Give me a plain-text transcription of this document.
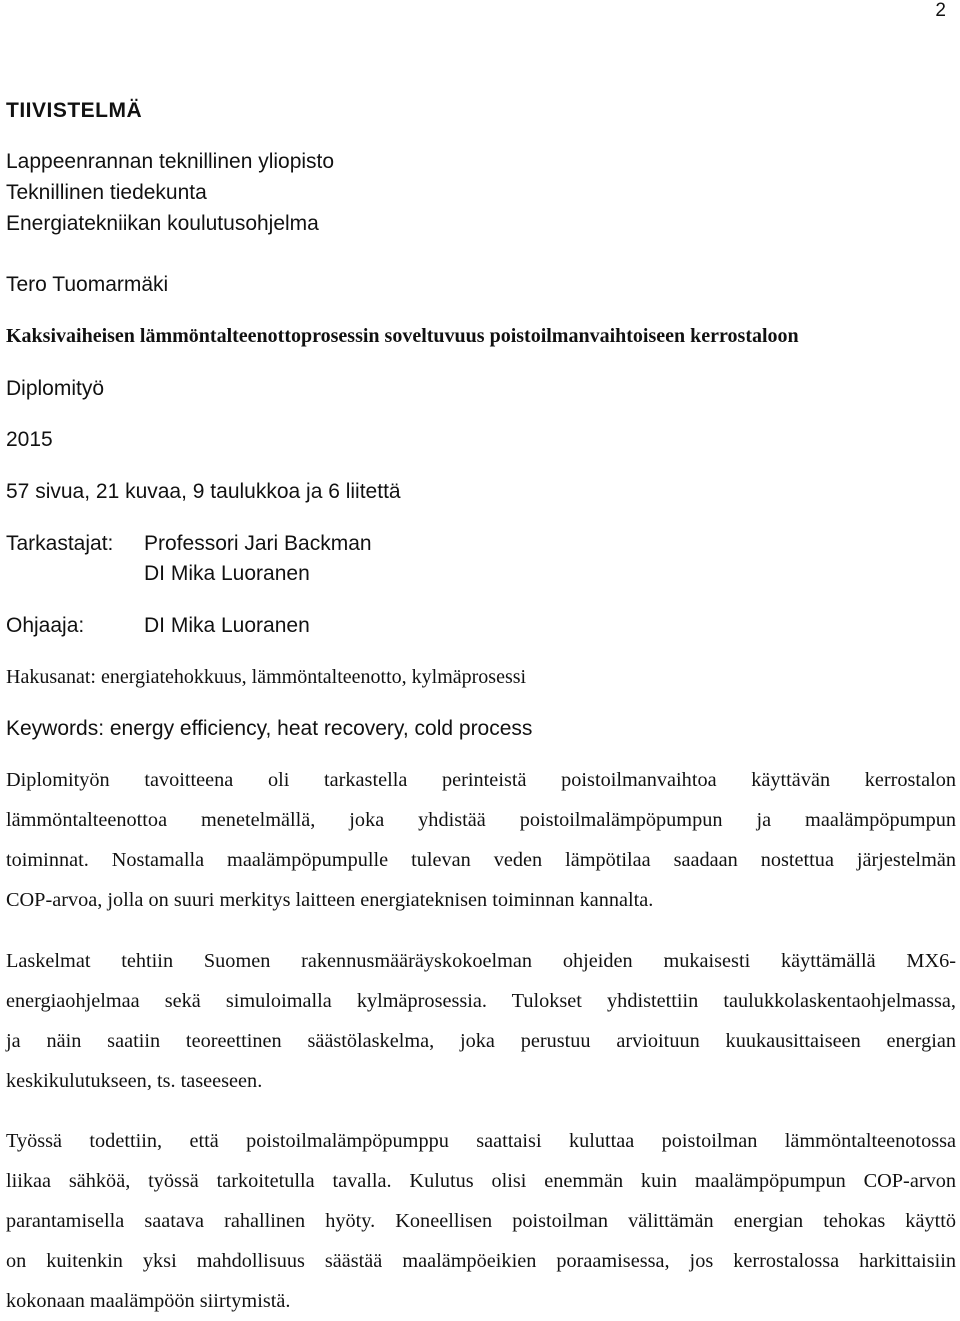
2
TIIVISTELMÄ
Lappeenrannan teknillinen yliopisto
Teknillinen tiedekunta
Energiatekniikan koulutusohjelma
Tero Tuomarmäki
Kaksivaiheisen lämmöntalteenottoprosessin soveltuvuus poistoilmanvaihtoiseen kerrostaloon
Diplomityö
2015
57 sivua, 21 kuvaa, 9 taulukkoa ja 6 liitettä
Tarkastajat: Professori Jari Backman
DI Mika Luoranen
Ohjaaja:	DI Mika Luoranen
Hakusanat: energiatehokkuus, lämmöntalteenotto, kylmäprosessi
Keywords: energy efficiency, heat recovery, cold process
Diplomityön tavoitteena oli tarkastella perinteistä poistoilmanvaihtoa käyttävän kerrostalon
lämmöntalteenottoa menetelmällä, joka yhdistää poistoilmalämpöpumpun ja maalämpöpumpun
toiminnat. Nostamalla maalämpöpumpulle tulevan veden lämpötilaa saadaan nostettua järjestelmän
COP-arvoa, jolla on suuri merkitys laitteen energiateknisen toiminnan kannalta.
Laskelmat tehtiin Suomen rakennusmääräyskokoelman ohjeiden mukaisesti käyttämällä MX6-
energiaohjelmaa sekä simuloimalla kylmäprosessia. Tulokset yhdistettiin taulukkolaskentaohjelmassa,
ja näin saatiin teoreettinen säästölaskelma, joka perustuu arvioituun kuukausittaiseen energian
keskikulutukseen, ts. taseeseen.
Työssä todettiin, että poistoilmalämpöpumppu saattaisi kuluttaa poistoilman lämmöntalteenotossa
liikaa sähköä, työssä tarkoitetulla tavalla. Kulutus olisi enemmän kuin maalämpöpumpun COP-arvon
parantamisella saatava rahallinen hyöty. Koneellisen poistoilman välittämän energian tehokas käyttö
on kuitenkin yksi mahdollisuus säästää maalämpöeikien poraamisessa, jos kerrostalossa harkittaisiin
kokonaan maalämpöön siirtymistä.
